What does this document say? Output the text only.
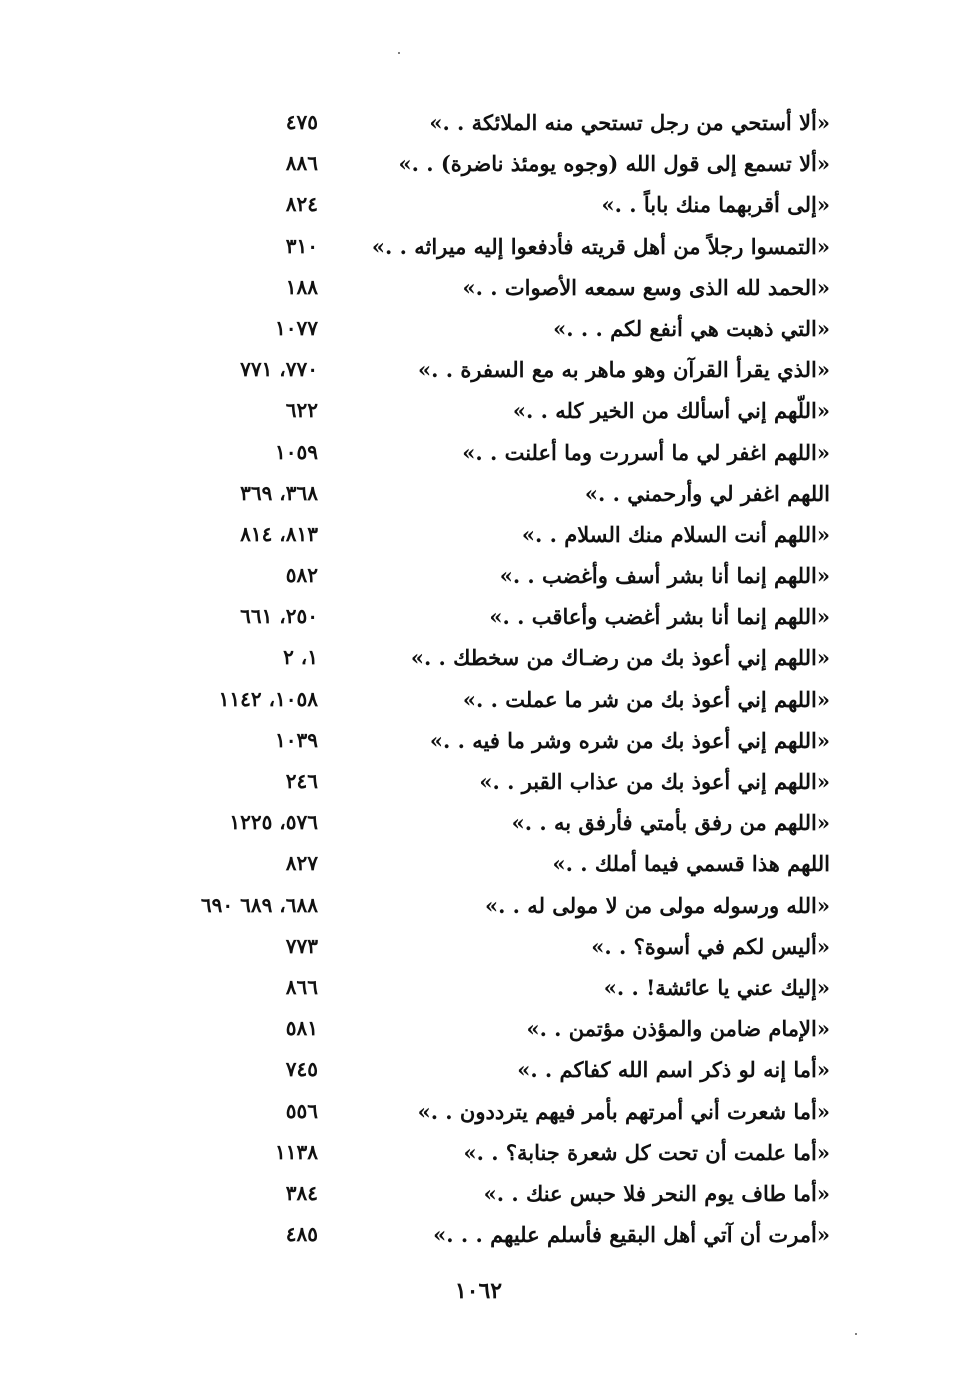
«ألا أستحي من رجل تستحي منه الملائكة . .»
٤٧٥
«ألا تسمع إلى قول الله (وجوه يومئذ ناضرة) . .»
٨٨٦
«إلى أقربهما منك باباً . .»
٨٢٤
«التمسوا رجلاً من أهل قريته فأدفعوا إليه ميراثه . .»
٣١٠
«الحمد لله الذى وسع سمعه الأصوات . .»
١٨٨
«التي ذهبت هي أنفع لكم . . .»
١٠٧٧
«الذي يقرأ القرآن وهو ماهر به مع السفرة . .»
٧٧٠، ٧٧١
«اللّهم إني أسألك من الخير كله . .»
٦٢٢
«اللهم اغفر لي ما أسررت وما أعلنت . .»
١٠٥٩
اللهم اغفر لي وأرحمني . .»
٣٦٨، ٣٦٩
«اللهم أنت السلام منك السلام . .»
٨١٣، ٨١٤
«اللهم إنما أنا بشر أسف وأغضب . .»
٥٨٢
«اللهم إنما أنا بشر أغضب وأعاقب . .»
٢٥٠، ٦٦١
«اللهم إني أعوذ بك من رضـاك من سخطك . .»
١، ٢
«اللهم إني أعوذ بك من شر ما عملت . .»
١٠٥٨، ١١٤٢
«اللهم إني أعوذ بك من شره وشر ما فيه . .»
١٠٣٩
«اللهم إني أعوذ بك من عذاب القبر . .»
٢٤٦
«اللهم من رفق بأمتي فأرفق به . .»
٥٧٦، ١٢٢٥
اللهم هذا قسمي فيما أملك . .»
٨٢٧
«الله ورسوله مولى من لا مولى له . .»
٦٨٨، ٦٨٩ ٦٩٠
«أليس لكم في أسوة؟ . .»
٧٧٣
«إليك عني يا عائشة! . .»
٨٦٦
«الإمام ضامن والمؤذن مؤتمن . .»
٥٨١
«أما إنه لو ذكر اسم الله كفاكم . .»
٧٤٥
«أما شعرت أني أمرتهم بأمر فيهم يترددون . .»
٥٥٦
«أما علمت أن تحت كل شعرة جنابة؟ . .»
١١٣٨
«أما طاف يوم النحر فلا حبس عنك . .»
٣٨٤
«أمرت أن آتي أهل البقيع فأسلم عليهم . . .»
٤٨٥
١٠٦٢
